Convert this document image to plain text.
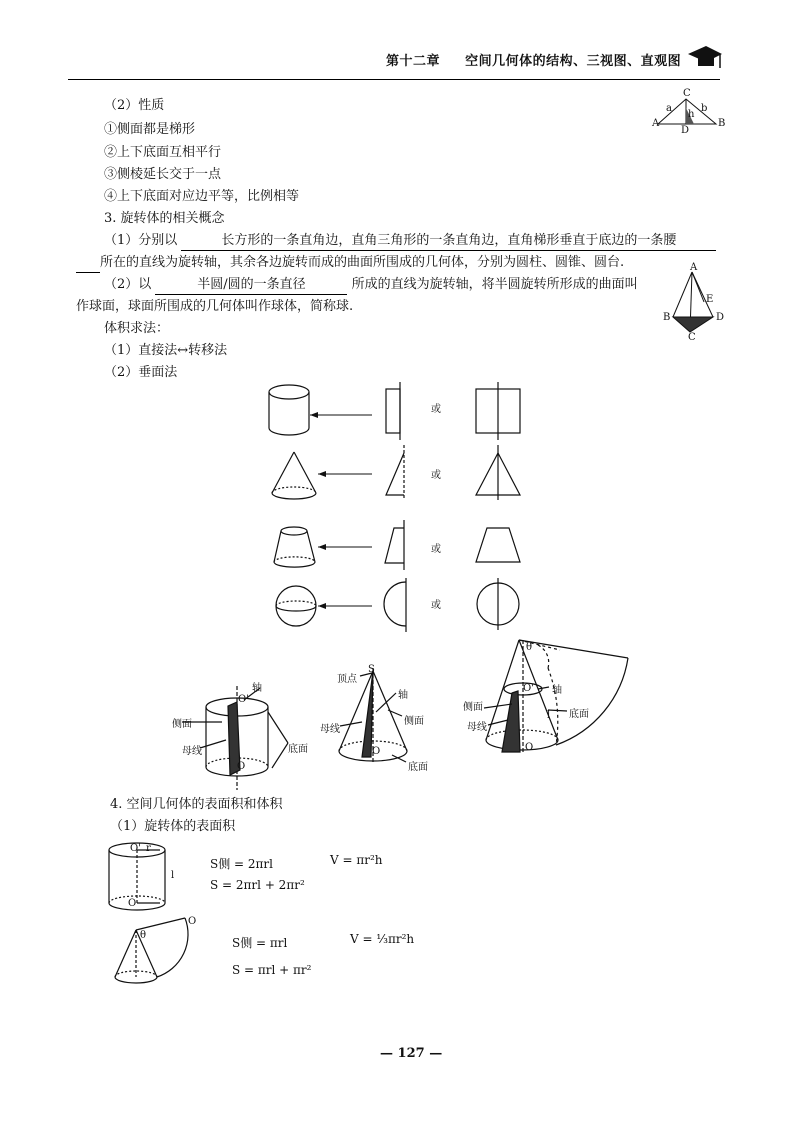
第十二章 空间几何体的结构、三视图、直观图
（2）性质
①侧面都是梯形
②上下底面互相平行
③侧棱延长交于一点
④上下底面对应边平等，比例相等
3. 旋转体的相关概念
（1）分别以	长方形的一条直角边，直角三角形的一条直角边，直角梯形垂直于底边的一条腰
所在的直线为旋转轴，其余各边旋转而成的曲面所围成的几何体，分别为圆柱、圆锥、圆台.
（2）以	半圆/圆的一条直径	所成的直线为旋转轴，将半圆旋转所形成的曲面叫
作球面，球面所围成的几何体叫作球体，简称球.
体积求法：
（1）直接法↔转移法
（2）垂面法
A	B
C
D
a	b
h
A
B
C
D
E
或
或
或
或
轴
O'
侧面
母线	底面
O
顶点
S
轴
母线
侧面
O
底面
θ
O' 轴
侧面
母线
底面
l
O
4. 空间几何体的表面积和体积
（1）旋转体的表面积
O' r
l
O
θ
O
S侧 = 2πrl	V = πr²h
S = 2πrl + 2πr²
S侧 = πrl	V = ⅓πr²h
S = πrl + πr²
— 127 —
